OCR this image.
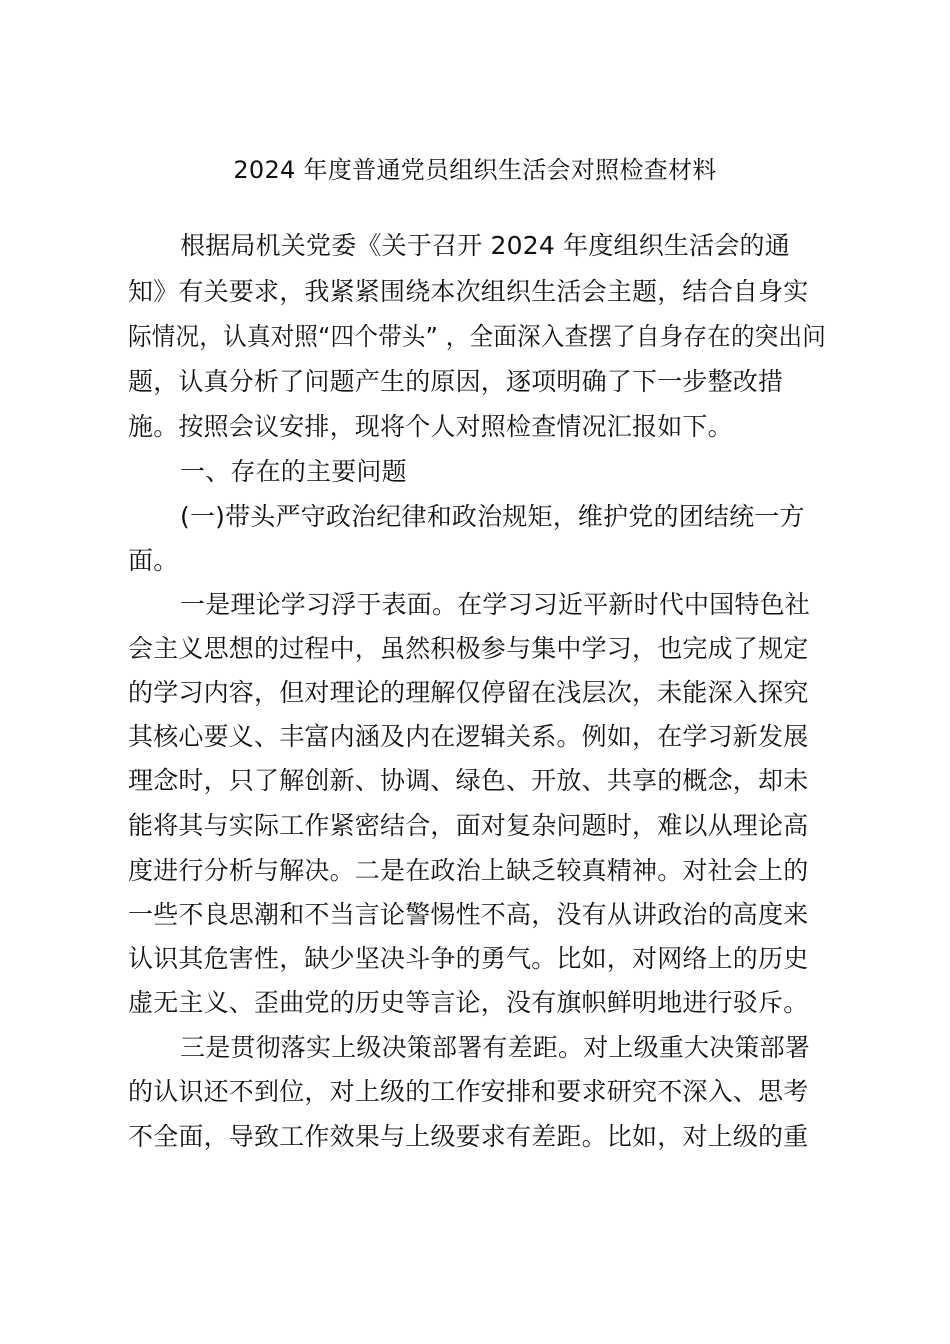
2024 年度普通党员组织生活会对照检查材料
根据局机关党委《关于召开 2024 年度组织生活会的通
知》有关要求，我紧紧围绕本次组织生活会主题，结合自身实
际情况，认真对照“四个带头” ，全面深入查摆了自身存在的突出问
题，认真分析了问题产生的原因，逐项明确了下一步整改措
施。按照会议安排，现将个人对照检查情况汇报如下。
一、存在的主要问题
(一)带头严守政治纪律和政治规矩，维护党的团结统一方
面。
一是理论学习浮于表面。在学习习近平新时代中国特色社
会主义思想的过程中，虽然积极参与集中学习，也完成了规定
的学习内容，但对理论的理解仅停留在浅层次，未能深入探究
其核心要义、丰富内涵及内在逻辑关系。例如，在学习新发展
理念时，只了解创新、协调、绿色、开放、共享的概念，却未
能将其与实际工作紧密结合，面对复杂问题时，难以从理论高
度进行分析与解决。二是在政治上缺乏较真精神。对社会上的
一些不良思潮和不当言论警惕性不高，没有从讲政治的高度来
认识其危害性，缺少坚决斗争的勇气。比如，对网络上的历史
虚无主义、歪曲党的历史等言论，没有旗帜鲜明地进行驳斥。
三是贯彻落实上级决策部署有差距。对上级重大决策部署
的认识还不到位，对上级的工作安排和要求研究不深入、思考
不全面，导致工作效果与上级要求有差距。比如，对上级的重
